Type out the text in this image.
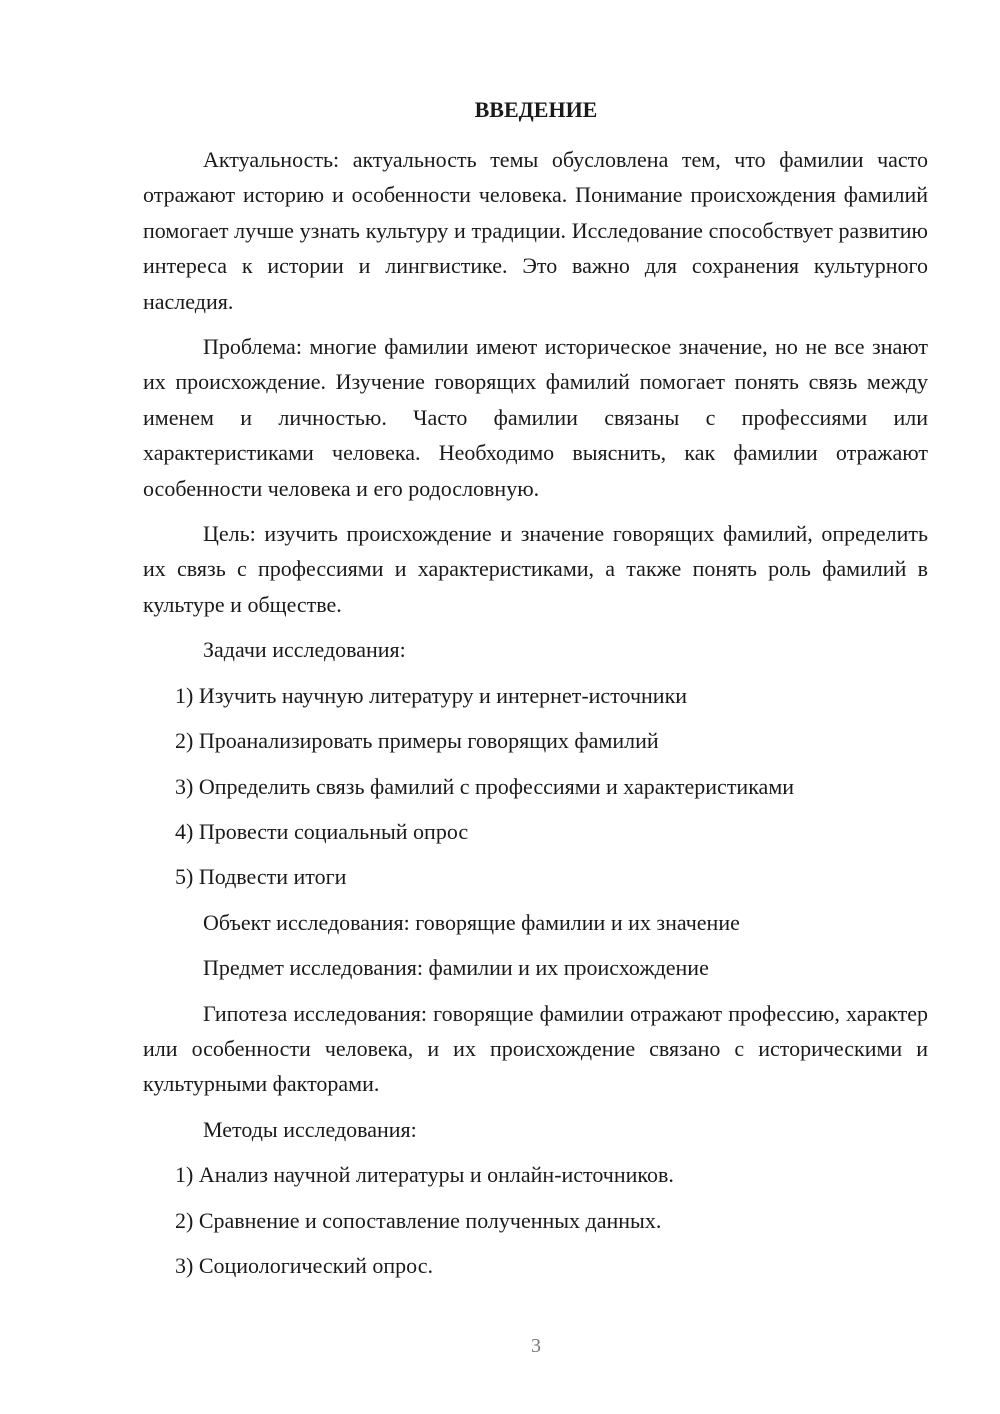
ВВЕДЕНИЕ

Актуальность: актуальность темы обусловлена тем, что фамилии часто отражают историю и особенности человека. Понимание происхождения фамилий помогает лучше узнать культуру и традиции. Исследование способствует развитию интереса к истории и лингвистике. Это важно для сохранения культурного наследия.

Проблема: многие фамилии имеют историческое значение, но не все знают их происхождение. Изучение говорящих фамилий помогает понять связь между именем и личностью. Часто фамилии связаны с профессиями или характеристиками человека. Необходимо выяснить, как фамилии отражают особенности человека и его родословную.

Цель: изучить происхождение и значение говорящих фамилий, определить их связь с профессиями и характеристиками, а также понять роль фамилий в культуре и обществе.

Задачи исследования:
1) Изучить научную литературу и интернет-источники
2) Проанализировать примеры говорящих фамилий
3) Определить связь фамилий с профессиями и характеристиками
4) Провести социальный опрос
5) Подвести итоги
Объект исследования: говорящие фамилии и их значение
Предмет исследования: фамилии и их происхождение

Гипотеза исследования: говорящие фамилии отражают профессию, характер или особенности человека, и их происхождение связано с историческими и культурными факторами.

Методы исследования:
1) Анализ научной литературы и онлайн-источников.
2) Сравнение и сопоставление полученных данных.
3) Социологический опрос.
3
